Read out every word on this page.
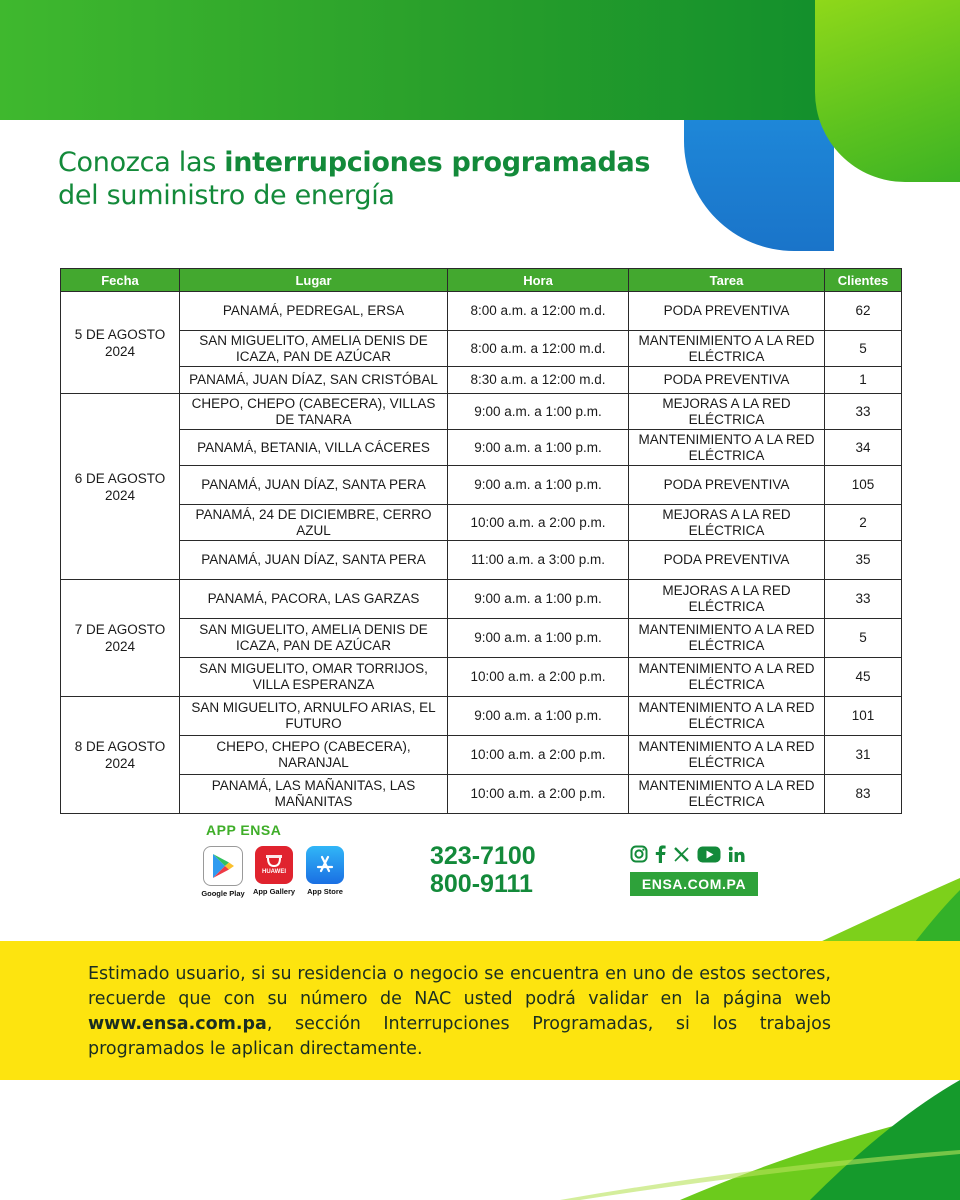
Conozca las interrupciones programadas
del suministro de energía
Fecha	Lugar	Hora	Tarea	Clientes
5 DE AGOSTO 2024	PANAMÁ, PEDREGAL, ERSA	8:00 a.m. a 12:00 m.d.	PODA PREVENTIVA	62
	SAN MIGUELITO, AMELIA DENIS DE ICAZA, PAN DE AZÚCAR	8:00 a.m. a 12:00 m.d.	MANTENIMIENTO A LA RED ELÉCTRICA	5
	PANAMÁ, JUAN DÍAZ, SAN CRISTÓBAL	8:30 a.m. a 12:00 m.d.	PODA PREVENTIVA	1
6 DE AGOSTO 2024	CHEPO, CHEPO (CABECERA), VILLAS DE TANARA	9:00 a.m. a 1:00 p.m.	MEJORAS A LA RED ELÉCTRICA	33
	PANAMÁ, BETANIA, VILLA CÁCERES	9:00 a.m. a 1:00 p.m.	MANTENIMIENTO A LA RED ELÉCTRICA	34
	PANAMÁ, JUAN DÍAZ, SANTA PERA	9:00 a.m. a 1:00 p.m.	PODA PREVENTIVA	105
	PANAMÁ, 24 DE DICIEMBRE, CERRO AZUL	10:00 a.m. a 2:00 p.m.	MEJORAS A LA RED ELÉCTRICA	2
	PANAMÁ, JUAN DÍAZ, SANTA PERA	11:00 a.m. a 3:00 p.m.	PODA PREVENTIVA	35
7 DE AGOSTO 2024	PANAMÁ, PACORA, LAS GARZAS	9:00 a.m. a 1:00 p.m.	MEJORAS A LA RED ELÉCTRICA	33
	SAN MIGUELITO, AMELIA DENIS DE ICAZA, PAN DE AZÚCAR	9:00 a.m. a 1:00 p.m.	MANTENIMIENTO A LA RED ELÉCTRICA	5
	SAN MIGUELITO, OMAR TORRIJOS, VILLA ESPERANZA	10:00 a.m. a 2:00 p.m.	MANTENIMIENTO A LA RED ELÉCTRICA	45
8 DE AGOSTO 2024	SAN MIGUELITO, ARNULFO ARIAS, EL FUTURO	9:00 a.m. a 1:00 p.m.	MANTENIMIENTO A LA RED ELÉCTRICA	101
	CHEPO, CHEPO (CABECERA), NARANJAL	10:00 a.m. a 2:00 p.m.	MANTENIMIENTO A LA RED ELÉCTRICA	31
	PANAMÁ, LAS MAÑANITAS, LAS MAÑANITAS	10:00 a.m. a 2:00 p.m.	MANTENIMIENTO A LA RED ELÉCTRICA	83
APP ENSA
Google Play
HUAWEI
App Gallery	App Store
323-7100
800-9111	ENSA.COM.PA
Estimado usuario, si su residencia o negocio se encuentra en uno de estos sectores, recuerde que con su número de NAC usted podrá validar en la página web www.ensa.com.pa, sección Interrupciones Programadas, si los trabajos programados le aplican directamente.
